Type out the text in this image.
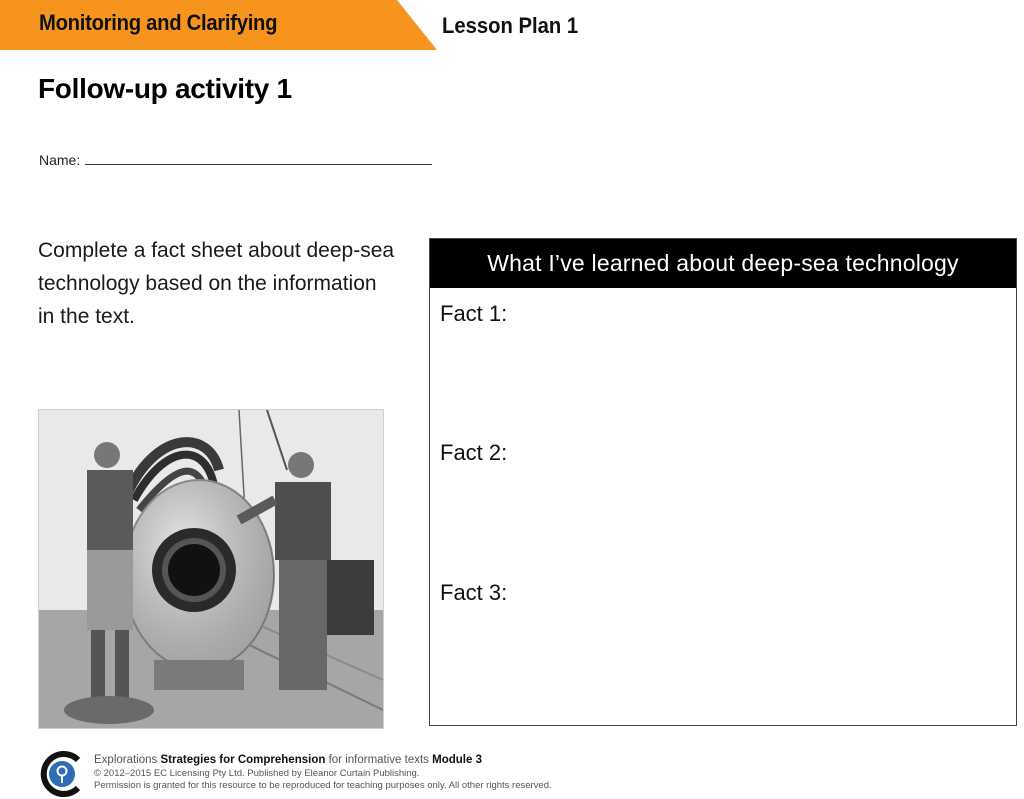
Monitoring and Clarifying	Lesson Plan 1
Follow-up activity 1
Name:
Complete a fact sheet about deep-sea technology based on the information in the text.
What I’ve learned about deep-sea technology
Fact 1:
Fact 2:
Fact 3:
Explorations Strategies for Comprehension for informative texts Module 3
© 2012–2015 EC Licensing Pty Ltd. Published by Eleanor Curtain Publishing.
Permission is granted for this resource to be reproduced for teaching purposes only. All other rights reserved.
